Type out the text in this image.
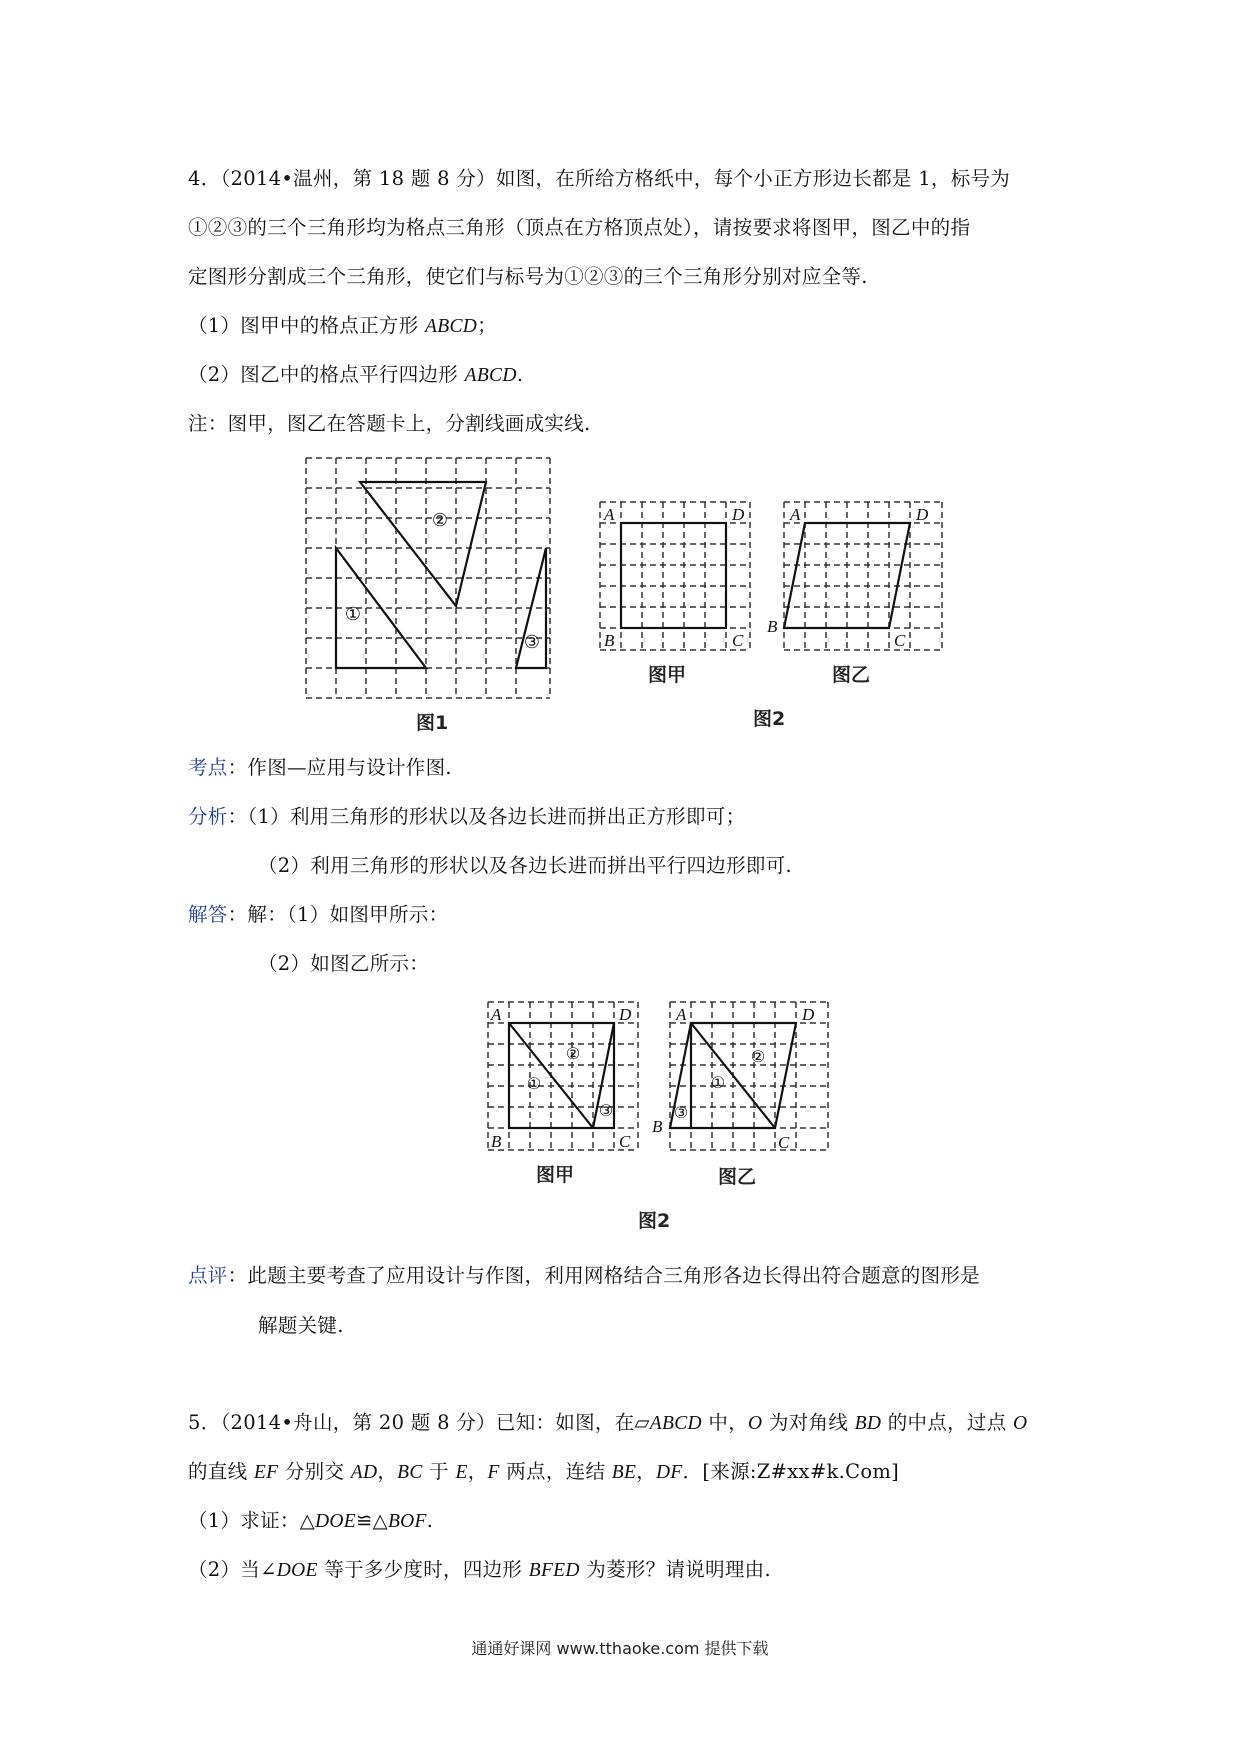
4．（2014•温州，第 18 题 8 分）如图，在所给方格纸中，每个小正方形边长都是 1，标号为
①②③的三个三角形均为格点三角形（顶点在方格顶点处），请按要求将图甲，图乙中的指
定图形分割成三个三角形，使它们与标号为①②③的三个三角形分别对应全等.
（1）图甲中的格点正方形 ABCD；
（2）图乙中的格点平行四边形 ABCD.
注：图甲，图乙在答题卡上，分割线画成实线.
①
②
③
图1
A	D
B	C
图甲
A	D
B
C
图乙
图2
考点：作图—应用与设计作图.
分析：（1）利用三角形的形状以及各边长进而拼出正方形即可；
（2）利用三角形的形状以及各边长进而拼出平行四边形即可.
解答：解：（1）如图甲所示：
（2）如图乙所示：
①
②
③
A	D
B	C
图甲
①
②
③
A	D
B
C
图乙
图2
点评：此题主要考查了应用设计与作图，利用网格结合三角形各边长得出符合题意的图形是
解题关键.
5．（2014•舟山，第 20 题 8 分）已知：如图，在▱ABCD 中，O 为对角线 BD 的中点，过点 O
的直线 EF 分别交 AD，BC 于 E，F 两点，连结 BE，DF．[来源:Z#xx#k.Com]
（1）求证：△DOE≌△BOF.
（2）当∠DOE 等于多少度时，四边形 BFED 为菱形？请说明理由.
通通好课网 www.tthaoke.com 提供下载
